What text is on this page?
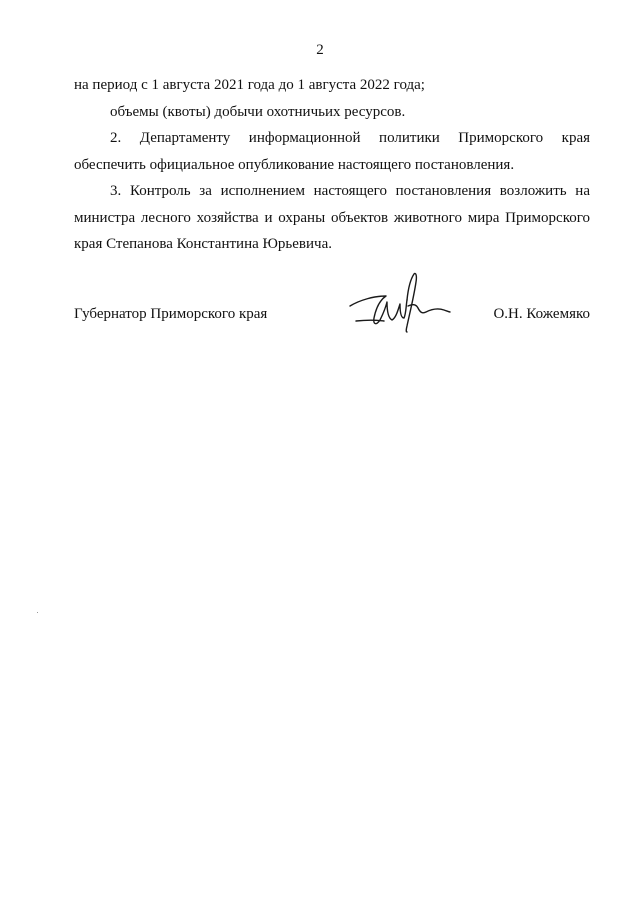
2
на период с 1 августа 2021 года до 1 августа 2022 года;
объемы (квоты) добычи охотничьих ресурсов.
2. Департаменту информационной политики Приморского края
обеспечить официальное опубликование настоящего постановления.
3. Контроль за исполнением настоящего постановления возложить на
министра лесного хозяйства и охраны объектов животного мира Приморского
края Степанова Константина Юрьевича.
Губернатор Приморского края	О.Н. Кожемяко
